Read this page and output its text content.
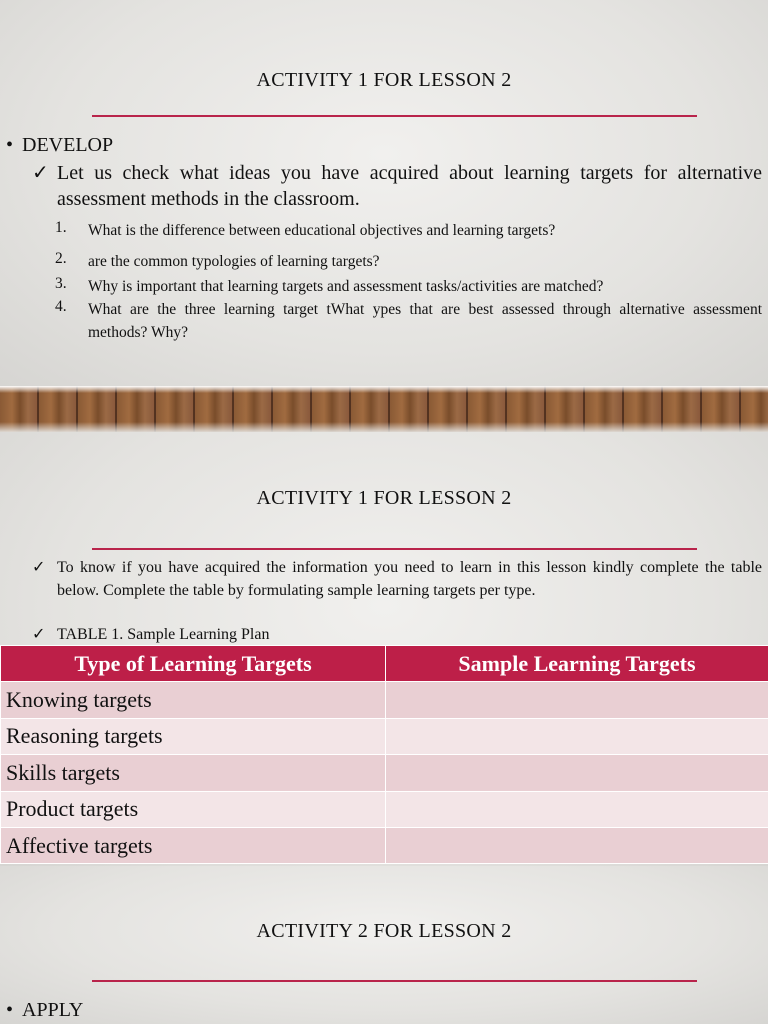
ACTIVITY 1 FOR LESSON 2
• DEVELOP
✓ Let us check what ideas you have acquired about learning targets for alternative assessment methods in the classroom.
1. What is the difference between educational objectives and learning targets?
2. are the common typologies of learning targets?
3. Why is important that learning targets and assessment tasks/activities are matched?
4. What are the three learning target tWhat ypes that are best assessed through alternative assessment methods? Why?
ACTIVITY 1 FOR LESSON 2
✓ To know if you have acquired the information you need to learn in this lesson kindly complete the table below. Complete the table by formulating sample learning targets per type.
✓ TABLE 1. Sample Learning Plan
Type of Learning Targets	Sample Learning Targets
Knowing targets	
Reasoning targets	
Skills targets	
Product targets	
Affective targets	
ACTIVITY 2 FOR LESSON 2
• APPLY
